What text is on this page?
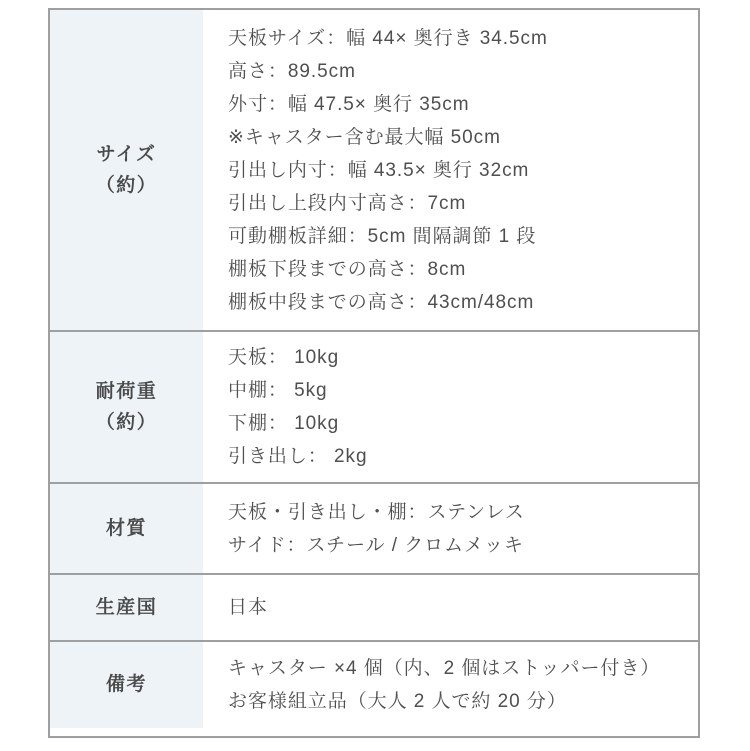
サイズ
（約）
天板サイズ：幅 44× 奥行き 34.5cm
高さ：89.5cm
外寸：幅 47.5× 奥行 35cm
※キャスター含む最大幅 50cm
引出し内寸：幅 43.5× 奥行 32cm
引出し上段内寸高さ：7cm
可動棚板詳細：5cm 間隔調節 1 段
棚板下段までの高さ：8cm
棚板中段までの高さ：43cm/48cm
耐荷重
（約）
天板： 10kg
中棚： 5kg
下棚： 10kg
引き出し： 2kg
材質
天板・引き出し・棚：ステンレス
サイド：スチール / クロムメッキ
生産国	日本
備考
キャスター ×4 個（内、2 個はストッパー付き）
お客様組立品（大人 2 人で約 20 分）
